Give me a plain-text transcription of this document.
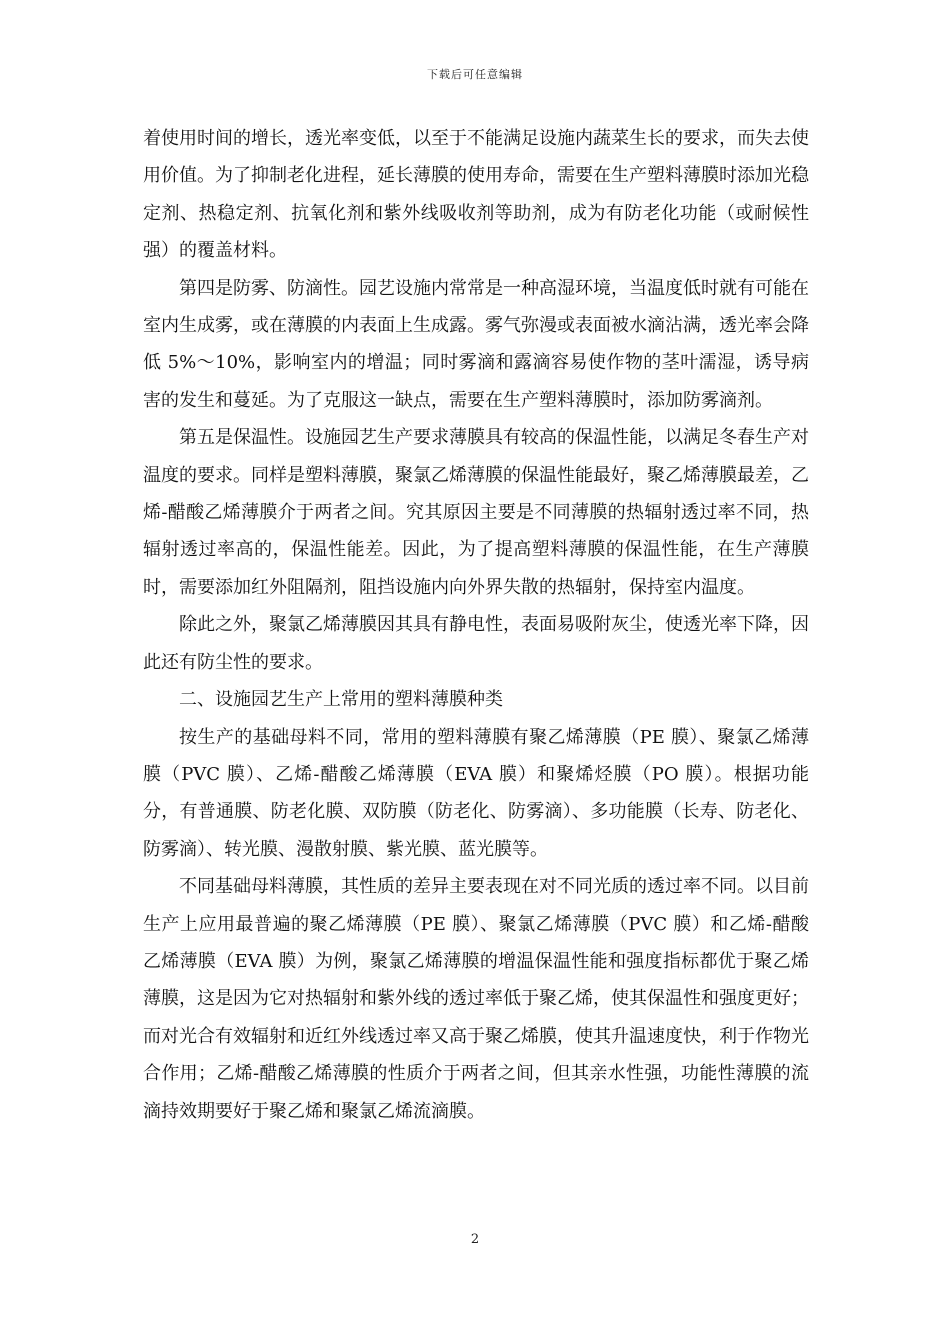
下载后可任意编辑

着使用时间的增长，透光率变低，以至于不能满足设施内蔬菜生长的要求，而失去使用价值。为了抑制老化进程，延长薄膜的使用寿命，需要在生产塑料薄膜时添加光稳定剂、热稳定剂、抗氧化剂和紫外线吸收剂等助剂，成为有防老化功能（或耐候性强）的覆盖材料。

第四是防雾、防滴性。园艺设施内常常是一种高湿环境，当温度低时就有可能在室内生成雾，或在薄膜的内表面上生成露。雾气弥漫或表面被水滴沾满，透光率会降低 5%～10%，影响室内的增温；同时雾滴和露滴容易使作物的茎叶濡湿，诱导病害的发生和蔓延。为了克服这一缺点，需要在生产塑料薄膜时，添加防雾滴剂。

第五是保温性。设施园艺生产要求薄膜具有较高的保温性能，以满足冬春生产对温度的要求。同样是塑料薄膜，聚氯乙烯薄膜的保温性能最好，聚乙烯薄膜最差，乙烯-醋酸乙烯薄膜介于两者之间。究其原因主要是不同薄膜的热辐射透过率不同，热辐射透过率高的，保温性能差。因此，为了提高塑料薄膜的保温性能，在生产薄膜时，需要添加红外阻隔剂，阻挡设施内向外界失散的热辐射，保持室内温度。

除此之外，聚氯乙烯薄膜因其具有静电性，表面易吸附灰尘，使透光率下降，因此还有防尘性的要求。

二、设施园艺生产上常用的塑料薄膜种类

按生产的基础母料不同，常用的塑料薄膜有聚乙烯薄膜（PE 膜）、聚氯乙烯薄膜（PVC 膜）、乙烯-醋酸乙烯薄膜（EVA 膜）和聚烯烃膜（PO 膜）。根据功能分，有普通膜、防老化膜、双防膜（防老化、防雾滴）、多功能膜（长寿、防老化、防雾滴）、转光膜、漫散射膜、紫光膜、蓝光膜等。

不同基础母料薄膜，其性质的差异主要表现在对不同光质的透过率不同。以目前生产上应用最普遍的聚乙烯薄膜（PE 膜）、聚氯乙烯薄膜（PVC 膜）和乙烯-醋酸乙烯薄膜（EVA 膜）为例，聚氯乙烯薄膜的增温保温性能和强度指标都优于聚乙烯薄膜，这是因为它对热辐射和紫外线的透过率低于聚乙烯，使其保温性和强度更好；而对光合有效辐射和近红外线透过率又高于聚乙烯膜，使其升温速度快，利于作物光合作用；乙烯-醋酸乙烯薄膜的性质介于两者之间，但其亲水性强，功能性薄膜的流滴持效期要好于聚乙烯和聚氯乙烯流滴膜。

2
